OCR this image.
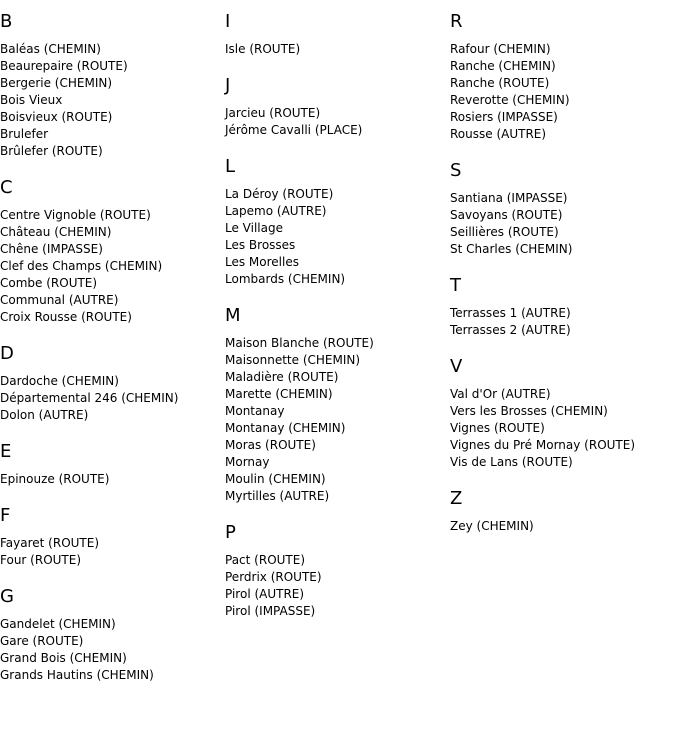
B
Baléas (CHEMIN)
Beaurepaire (ROUTE)
Bergerie (CHEMIN)
Bois Vieux
Boisvieux (ROUTE)
Brulefer
Brûlefer (ROUTE)
C
Centre Vignoble (ROUTE)
Château (CHEMIN)
Chêne (IMPASSE)
Clef des Champs (CHEMIN)
Combe (ROUTE)
Communal (AUTRE)
Croix Rousse (ROUTE)
D
Dardoche (CHEMIN)
Départemental 246 (CHEMIN)
Dolon (AUTRE)
E
Epinouze (ROUTE)
F
Fayaret (ROUTE)
Four (ROUTE)
G
Gandelet (CHEMIN)
Gare (ROUTE)
Grand Bois (CHEMIN)
Grands Hautins (CHEMIN)
I
Isle (ROUTE)
J
Jarcieu (ROUTE)
Jérôme Cavalli (PLACE)
L
La Déroy (ROUTE)
Lapemo (AUTRE)
Le Village
Les Brosses
Les Morelles
Lombards (CHEMIN)
M
Maison Blanche (ROUTE)
Maisonnette (CHEMIN)
Maladière (ROUTE)
Marette (CHEMIN)
Montanay
Montanay (CHEMIN)
Moras (ROUTE)
Mornay
Moulin (CHEMIN)
Myrtilles (AUTRE)
P
Pact (ROUTE)
Perdrix (ROUTE)
Pirol (AUTRE)
Pirol (IMPASSE)
R
Rafour (CHEMIN)
Ranche (CHEMIN)
Ranche (ROUTE)
Reverotte (CHEMIN)
Rosiers (IMPASSE)
Rousse (AUTRE)
S
Santiana (IMPASSE)
Savoyans (ROUTE)
Seillières (ROUTE)
St Charles (CHEMIN)
T
Terrasses 1 (AUTRE)
Terrasses 2 (AUTRE)
V
Val d'Or (AUTRE)
Vers les Brosses (CHEMIN)
Vignes (ROUTE)
Vignes du Pré Mornay (ROUTE)
Vis de Lans (ROUTE)
Z
Zey (CHEMIN)
